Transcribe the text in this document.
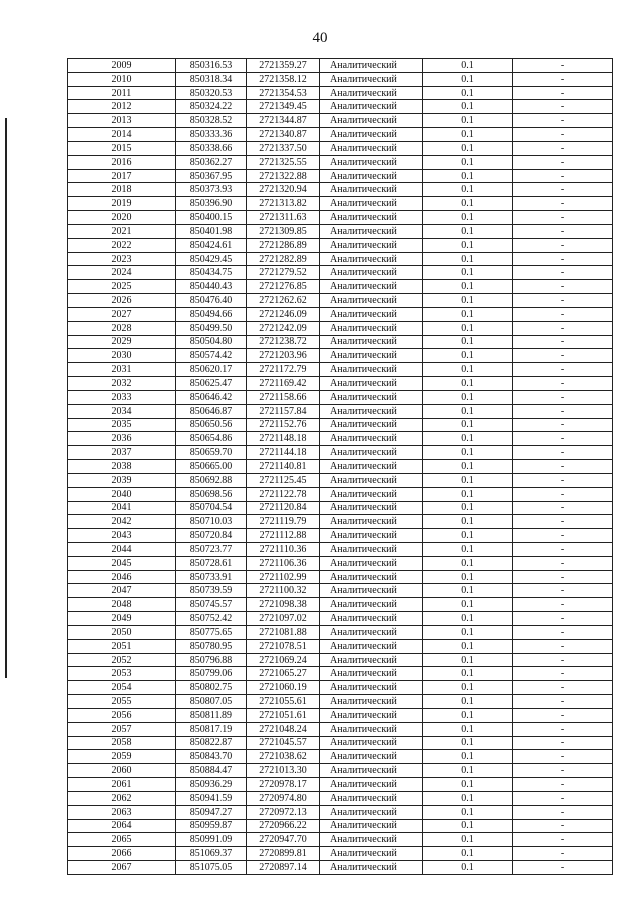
40
2009	850316.53	2721359.27	Аналитический	0.1	-
2010	850318.34	2721358.12	Аналитический	0.1	-
2011	850320.53	2721354.53	Аналитический	0.1	-
2012	850324.22	2721349.45	Аналитический	0.1	-
2013	850328.52	2721344.87	Аналитический	0.1	-
2014	850333.36	2721340.87	Аналитический	0.1	-
2015	850338.66	2721337.50	Аналитический	0.1	-
2016	850362.27	2721325.55	Аналитический	0.1	-
2017	850367.95	2721322.88	Аналитический	0.1	-
2018	850373.93	2721320.94	Аналитический	0.1	-
2019	850396.90	2721313.82	Аналитический	0.1	-
2020	850400.15	2721311.63	Аналитический	0.1	-
2021	850401.98	2721309.85	Аналитический	0.1	-
2022	850424.61	2721286.89	Аналитический	0.1	-
2023	850429.45	2721282.89	Аналитический	0.1	-
2024	850434.75	2721279.52	Аналитический	0.1	-
2025	850440.43	2721276.85	Аналитический	0.1	-
2026	850476.40	2721262.62	Аналитический	0.1	-
2027	850494.66	2721246.09	Аналитический	0.1	-
2028	850499.50	2721242.09	Аналитический	0.1	-
2029	850504.80	2721238.72	Аналитический	0.1	-
2030	850574.42	2721203.96	Аналитический	0.1	-
2031	850620.17	2721172.79	Аналитический	0.1	-
2032	850625.47	2721169.42	Аналитический	0.1	-
2033	850646.42	2721158.66	Аналитический	0.1	-
2034	850646.87	2721157.84	Аналитический	0.1	-
2035	850650.56	2721152.76	Аналитический	0.1	-
2036	850654.86	2721148.18	Аналитический	0.1	-
2037	850659.70	2721144.18	Аналитический	0.1	-
2038	850665.00	2721140.81	Аналитический	0.1	-
2039	850692.88	2721125.45	Аналитический	0.1	-
2040	850698.56	2721122.78	Аналитический	0.1	-
2041	850704.54	2721120.84	Аналитический	0.1	-
2042	850710.03	2721119.79	Аналитический	0.1	-
2043	850720.84	2721112.88	Аналитический	0.1	-
2044	850723.77	2721110.36	Аналитический	0.1	-
2045	850728.61	2721106.36	Аналитический	0.1	-
2046	850733.91	2721102.99	Аналитический	0.1	-
2047	850739.59	2721100.32	Аналитический	0.1	-
2048	850745.57	2721098.38	Аналитический	0.1	-
2049	850752.42	2721097.02	Аналитический	0.1	-
2050	850775.65	2721081.88	Аналитический	0.1	-
2051	850780.95	2721078.51	Аналитический	0.1	-
2052	850796.88	2721069.24	Аналитический	0.1	-
2053	850799.06	2721065.27	Аналитический	0.1	-
2054	850802.75	2721060.19	Аналитический	0.1	-
2055	850807.05	2721055.61	Аналитический	0.1	-
2056	850811.89	2721051.61	Аналитический	0.1	-
2057	850817.19	2721048.24	Аналитический	0.1	-
2058	850822.87	2721045.57	Аналитический	0.1	-
2059	850843.70	2721038.62	Аналитический	0.1	-
2060	850884.47	2721013.30	Аналитический	0.1	-
2061	850936.29	2720978.17	Аналитический	0.1	-
2062	850941.59	2720974.80	Аналитический	0.1	-
2063	850947.27	2720972.13	Аналитический	0.1	-
2064	850959.87	2720966.22	Аналитический	0.1	-
2065	850991.09	2720947.70	Аналитический	0.1	-
2066	851069.37	2720899.81	Аналитический	0.1	-
2067	851075.05	2720897.14	Аналитический	0.1	-
